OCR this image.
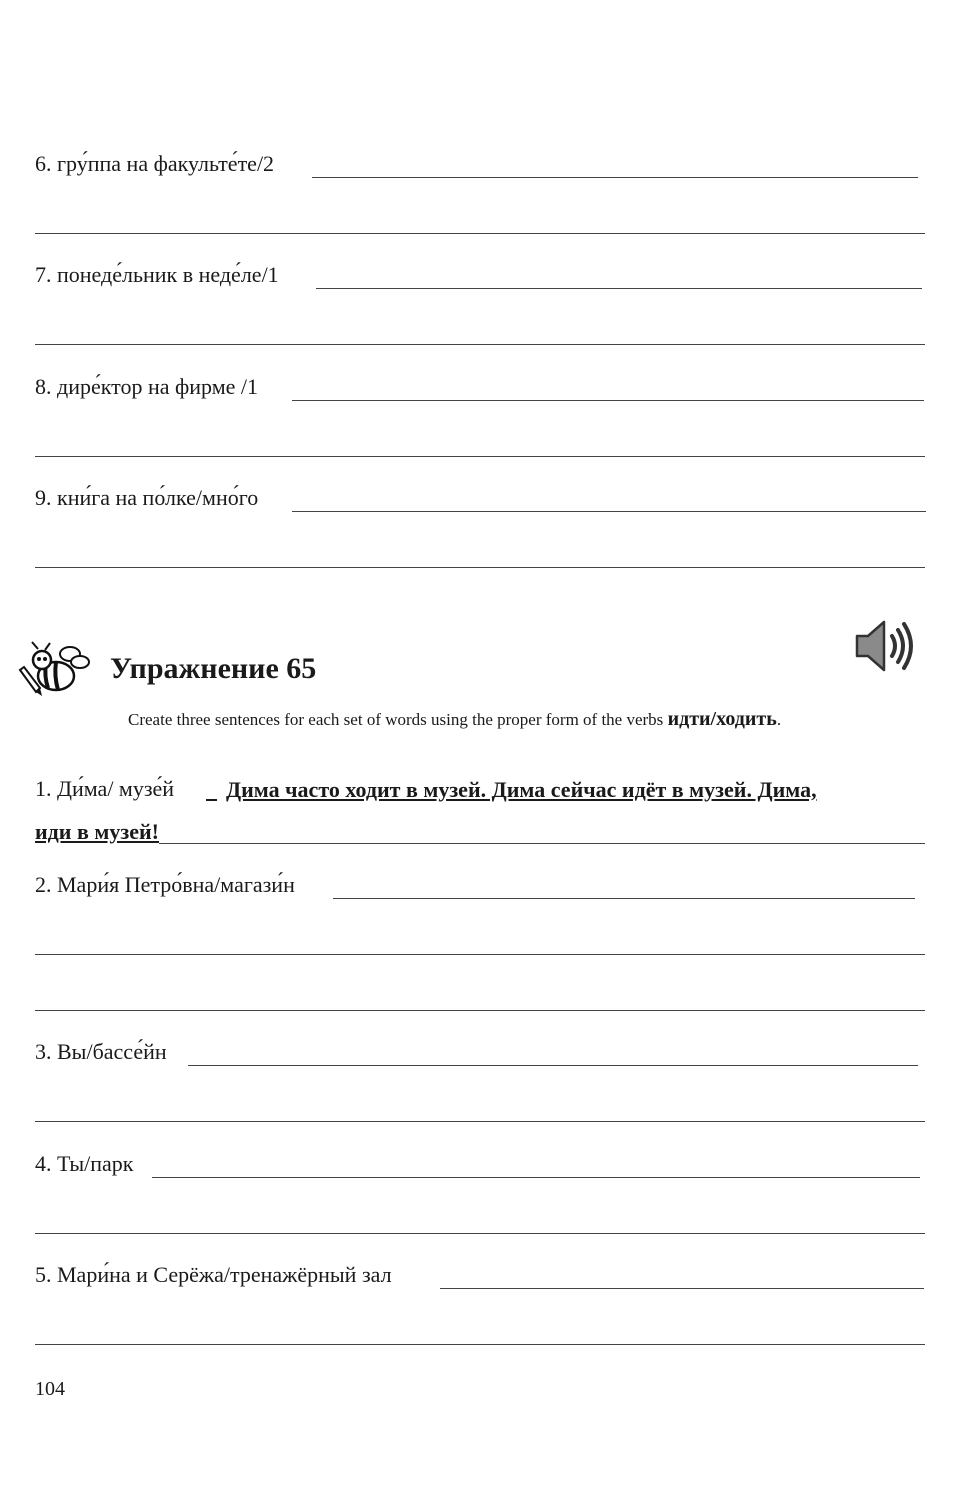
6. гру́ппа на факульте́те/2
7. понеде́льник в неде́ле/1
8. дире́ктор на фирме /1
9. кни́га на по́лке/мно́го
Упражнение 65
Create three sentences for each set of words using the proper form of the verbs идти/ходить.
1. Ди́ма/ музе́й
	Дима часто ходит в музей. Дима сейчас идёт в музей. Дима,
иди в музей!
2. Мари́я Петро́вна/магази́н
3. Вы/бассе́йн
4. Ты/парк
5. Мари́на и Серёжа/тренажёрный зал
104
